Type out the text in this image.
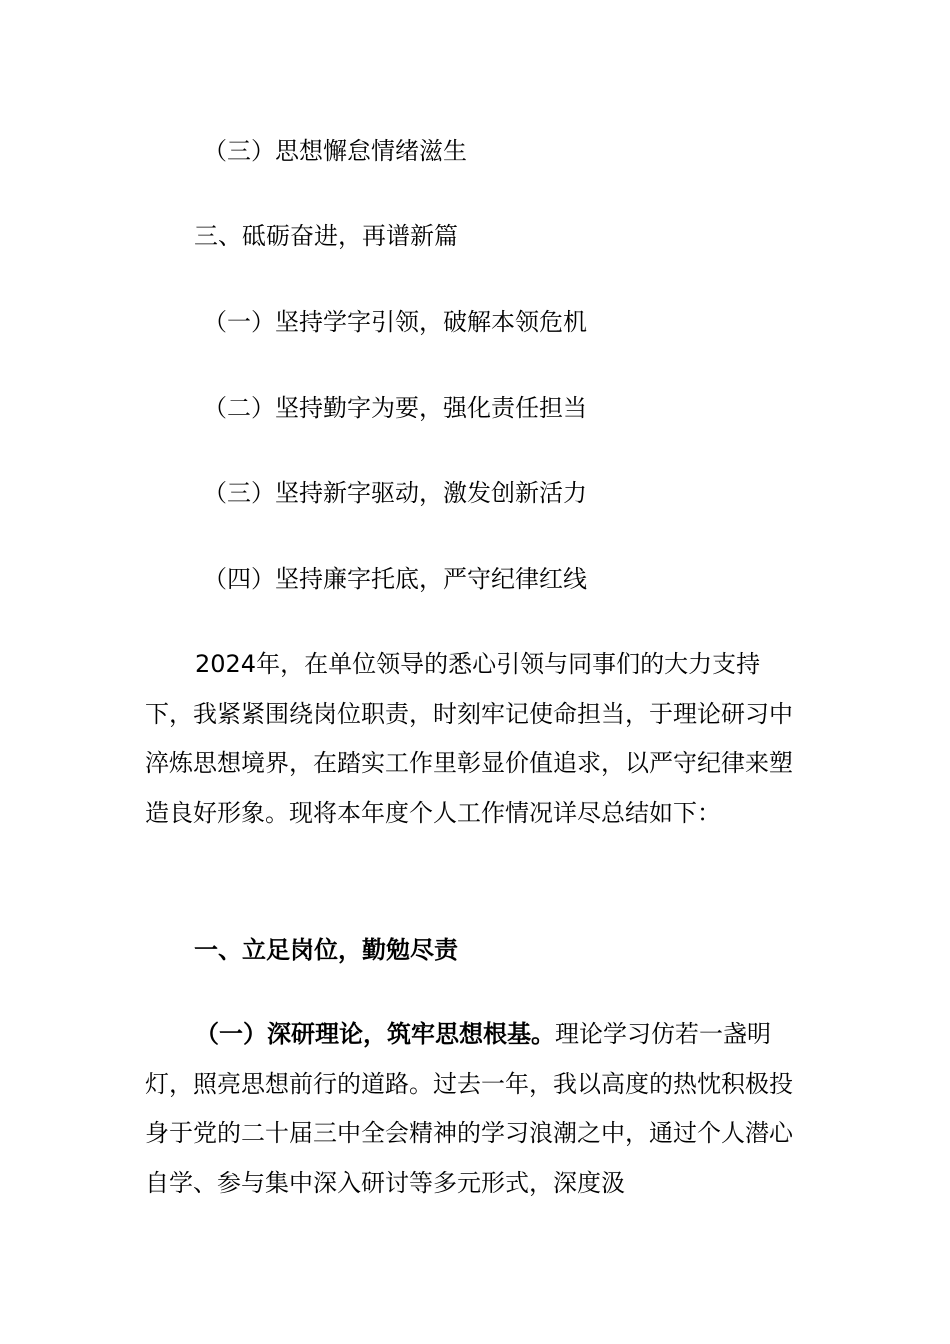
（三）思想懈怠情绪滋生

三、砥砺奋进，再谱新篇

（一）坚持学字引领，破解本领危机

（二）坚持勤字为要，强化责任担当

（三）坚持新字驱动，激发创新活力

（四）坚持廉字托底，严守纪律红线

2024年，在单位领导的悉心引领与同事们的大力支持下，我紧紧围绕岗位职责，时刻牢记使命担当，于理论研习中淬炼思想境界，在踏实工作里彰显价值追求，以严守纪律来塑造良好形象。现将本年度个人工作情况详尽总结如下：

一、立足岗位，勤勉尽责

（一）深研理论，筑牢思想根基。理论学习仿若一盏明灯，照亮思想前行的道路。过去一年，我以高度的热忱积极投身于党的二十届三中全会精神的学习浪潮之中，通过个人潜心自学、参与集中深入研讨等多元形式，深度汲
